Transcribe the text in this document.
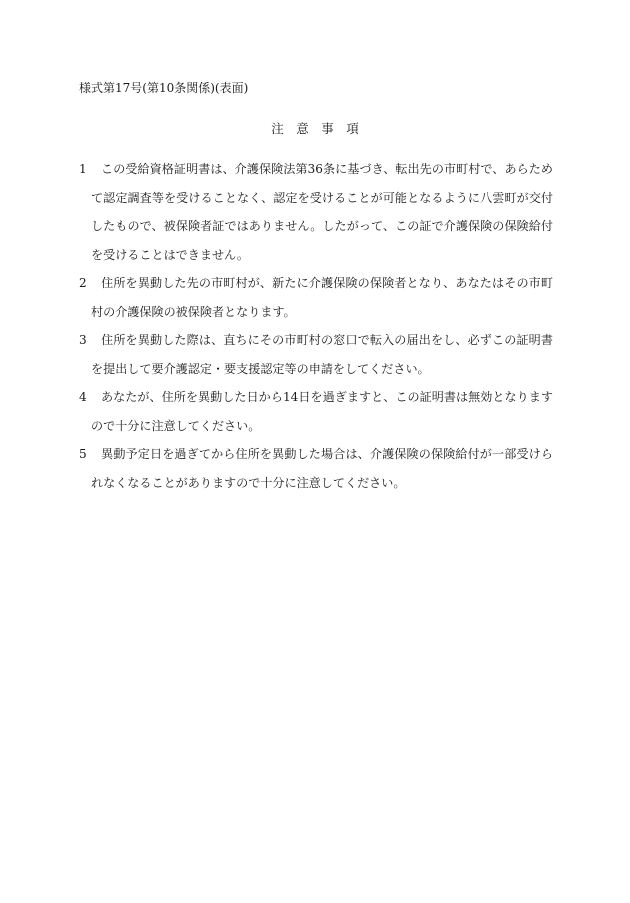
様式第17号(第10条関係)(表面)
注　意　事　項
1 この受給資格証明書は、介護保険法第36条に基づき、転出先の市町村で、あらためて認定調査等を受けることなく、認定を受けることが可能となるように八雲町が交付したもので、被保険者証ではありません。したがって、この証で介護保険の保険給付を受けることはできません。
2 住所を異動した先の市町村が、新たに介護保険の保険者となり、あなたはその市町村の介護保険の被保険者となります。
3 住所を異動した際は、直ちにその市町村の窓口で転入の届出をし、必ずこの証明書を提出して要介護認定・要支援認定等の申請をしてください。
4 あなたが、住所を異動した日から14日を過ぎますと、この証明書は無効となりますので十分に注意してください。
5 異動予定日を過ぎてから住所を異動した場合は、介護保険の保険給付が一部受けられなくなることがありますので十分に注意してください。
